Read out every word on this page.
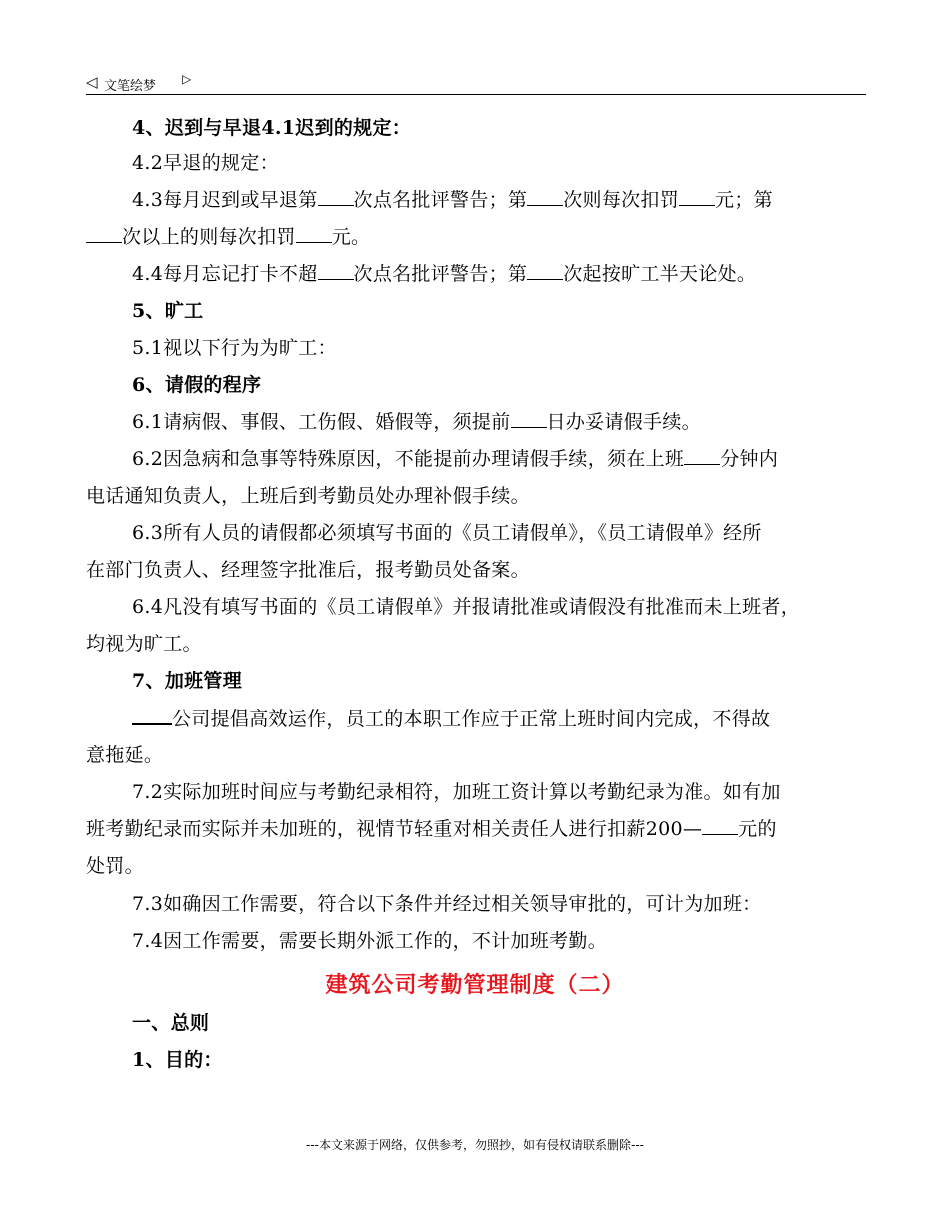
◁ 文笔绘梦 ▷
4、迟到与早退4.1迟到的规定：
4.2早退的规定：
4.3每月迟到或早退第 次点名批评警告；第 次则每次扣罚 元；第
次以上的则每次扣罚 元。
4.4每月忘记打卡不超 次点名批评警告；第 次起按旷工半天论处。
5、旷工
5.1视以下行为为旷工：
6、请假的程序
6.1请病假、事假、工伤假、婚假等，须提前 日办妥请假手续。
6.2因急病和急事等特殊原因，不能提前办理请假手续，须在上班 分钟内
电话通知负责人，上班后到考勤员处办理补假手续。
6.3所有人员的请假都必须填写书面的《员工请假单》，《员工请假单》经所
在部门负责人、经理签字批准后，报考勤员处备案。
6.4凡没有填写书面的《员工请假单》并报请批准或请假没有批准而未上班者，
均视为旷工。
7、加班管理
公司提倡高效运作，员工的本职工作应于正常上班时间内完成，不得故
意拖延。
7.2实际加班时间应与考勤纪录相符，加班工资计算以考勤纪录为准。如有加
班考勤纪录而实际并未加班的，视情节轻重对相关责任人进行扣薪200— 元的
处罚。
7.3如确因工作需要，符合以下条件并经过相关领导审批的，可计为加班：
7.4因工作需要，需要长期外派工作的，不计加班考勤。
建筑公司考勤管理制度（二）
一、总则
1、目的：
---本文来源于网络，仅供参考，勿照抄，如有侵权请联系删除---
